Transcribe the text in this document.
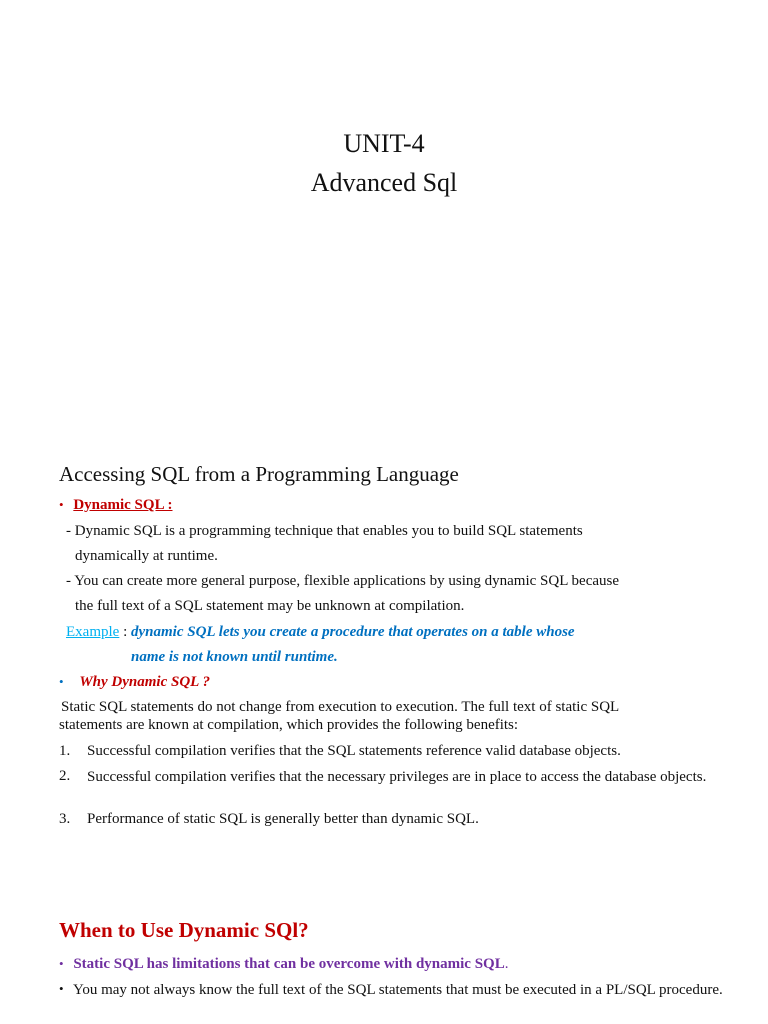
UNIT-4
Advanced Sql
Accessing SQL from a Programming Language
• Dynamic SQL :
- Dynamic SQL is a programming technique that enables you to build SQL statements
dynamically at runtime.
- You can create more general purpose, flexible applications by using dynamic SQL because
the full text of a SQL statement may be unknown at compilation.
Example : dynamic SQL lets you create a procedure that operates on a table whose
name is not known until runtime.
• Why Dynamic SQL ?
Static SQL statements do not change from execution to execution. The full text of static SQL
statements are known at compilation, which provides the following benefits:
1. Successful compilation verifies that the SQL statements reference valid database objects.
2. Successful compilation verifies that the necessary privileges are in place to access the database objects.
3. Performance of static SQL is generally better than dynamic SQL.
When to Use Dynamic SQl?
• Static SQL has limitations that can be overcome with dynamic SQL.
• You may not always know the full text of the SQL statements that must be executed in a PL/SQL procedure.
